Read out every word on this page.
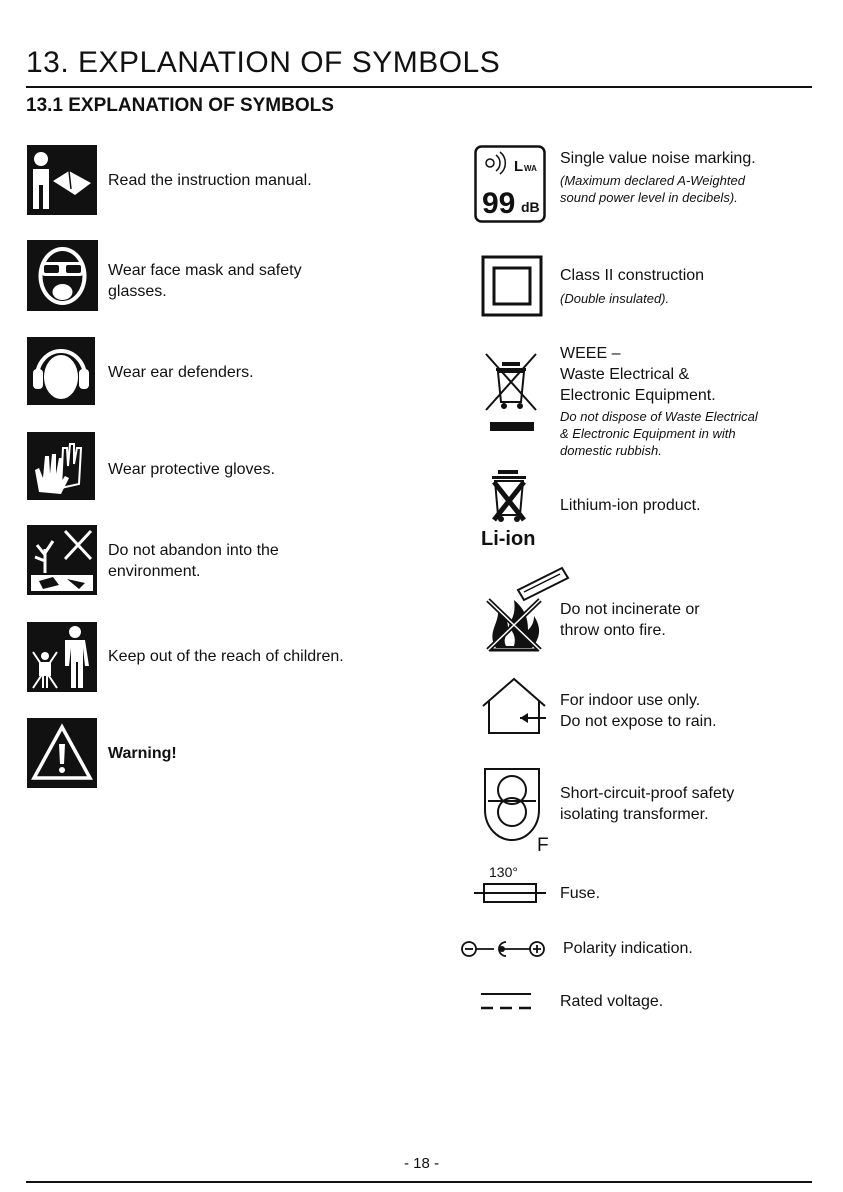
13. EXPLANATION OF SYMBOLS
13.1 EXPLANATION OF SYMBOLS
Read the instruction manual.
Wear face mask and safety
glasses.
Wear ear defenders.
Wear protective gloves.
Do not abandon into the
environment.
Keep out of the reach of children.
Warning!
L WA
99 dB
Single value noise marking.
(Maximum declared A-Weighted
sound power level in decibels).
Class II construction
(Double insulated).
WEEE –
Waste Electrical &
Electronic Equipment.
Do not dispose of Waste Electrical
& Electronic Equipment in with
domestic rubbish.
Li-ion
Lithium-ion product.
Do not incinerate or
throw onto fire.
For indoor use only.
Do not expose to rain.
F
Short-circuit-proof safety
isolating transformer.
130°
Fuse.
Polarity indication.
Rated voltage.
- 18 -
